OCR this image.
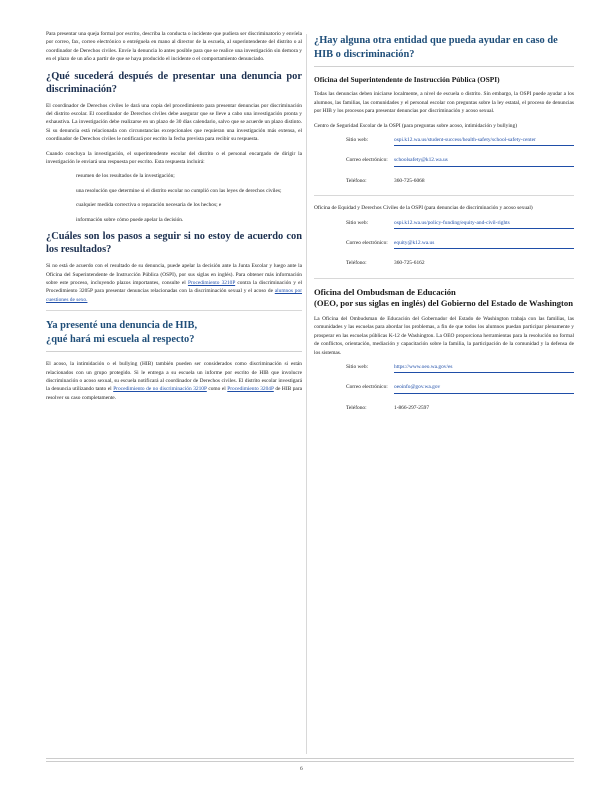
Para presentar una queja formal por escrito, describa la conducta o incidente que pudiera ser discriminatorio y envíela por correo, fax, correo electrónico o entréguela en mano al director de la escuela, al superintendente del distrito o al coordinador de Derechos civiles. Envíe la denuncia lo antes posible para que se realice una investigación sin demora y en el plazo de un año a partir de que se haya producido el incidente o el comportamiento denunciado.

¿Qué sucederá después de presentar una denuncia por discriminación?

El coordinador de Derechos civiles le dará una copia del procedimiento para presentar denuncias por discriminación del distrito escolar. El coordinador de Derechos civiles debe asegurar que se lleve a cabo una investigación pronta y exhaustiva. La investigación debe realizarse en un plazo de 30 días calendario, salvo que se acuerde un plazo distinto. Si su denuncia está relacionada con circunstancias excepcionales que requieran una investigación más extensa, el coordinador de Derechos civiles le notificará por escrito la fecha prevista para recibir su respuesta.

Cuando concluya la investigación, el superintendente escolar del distrito o el personal encargado de dirigir la investigación le enviará una respuesta por escrito. Esta respuesta incluirá:

resumen de los resultados de la investigación;
una resolución que determine si el distrito escolar no cumplió con las leyes de derechos civiles;
cualquier medida correctiva o reparación necesaria de los hechos; e
información sobre cómo puede apelar la decisión.
¿Cuáles son los pasos a seguir si no estoy de acuerdo con los resultados?

Si no está de acuerdo con el resultado de su denuncia, puede apelar la decisión ante la Junta Escolar y luego ante la Oficina del Superintendente de Instrucción Pública (OSPI), por sus siglas en inglés). Para obtener más información sobre este proceso, incluyendo plazos importantes, consulte el Procedimiento 3210P contra la discriminación y el Procedimiento 3205P para presentar denuncias relacionadas con la discriminación sexual y el acoso de alumnos por cuestiones de sexo.

Ya presenté una denuncia de HIB,
¿qué hará mi escuela al respecto?

El acoso, la intimidación o el bullying (HIB) también pueden ser considerados como discriminación si están relacionados con un grupo protegido. Si le entrega a su escuela un informe por escrito de HIB que involucre discriminación o acoso sexual, su escuela notificará al coordinador de Derechos civiles. El distrito escolar investigará la denuncia utilizando tanto el Procedimiento de no discriminación 3210P como el Procedimiento 3204P de HIB para resolver su caso completamente.

¿Hay alguna otra entidad que pueda ayudar en caso de HIB o discriminación?
Oficina del Superintendente de Instrucción Pública (OSPI)

Todas las denuncias deben iniciarse localmente, a nivel de escuela o distrito. Sin embargo, la OSPI puede ayudar a los alumnos, las familias, las comunidades y el personal escolar con preguntas sobre la ley estatal, el proceso de denuncias por HIB y los procesos para presentar denuncias por discriminación y acoso sexual.

Centro de Seguridad Escolar de la OSPI (para preguntas sobre acoso, intimidación y bullying)

Sitio web:	ospi.k12.wa.us/student-success/health-safety/school-safety-center
Correo electrónico:	schoolsafety@k12.wa.us
Teléfono:	360-725-6068

Oficina de Equidad y Derechos Civiles de la OSPI (para denuncias de discriminación y acoso sexual)

Sitio web:	ospi.k12.wa.us/policy-funding/equity-and-civil-rights
Correo electrónico:	equity@k12.wa.us
Teléfono:	360-725-6162
Oficina del Ombudsman de Educación
(OEO, por sus siglas en inglés) del Gobierno del Estado de Washington

La Oficina del Ombudsman de Educación del Gobernador del Estado de Washington trabaja con las familias, las comunidades y las escuelas para abordar los problemas, a fin de que todos los alumnos puedan participar plenamente y prosperar en las escuelas públicas K-12 de Washington. La OEO proporciona herramientas para la resolución no formal de conflictos, orientación, mediación y capacitación sobre la familia, la participación de la comunidad y la defensa de los sistemas.

Sitio web:	https://www.oeo.wa.gov/es
Correo electrónico:	oeoinfo@gov.wa.gov
Teléfono:	1-866-297-2597
6
